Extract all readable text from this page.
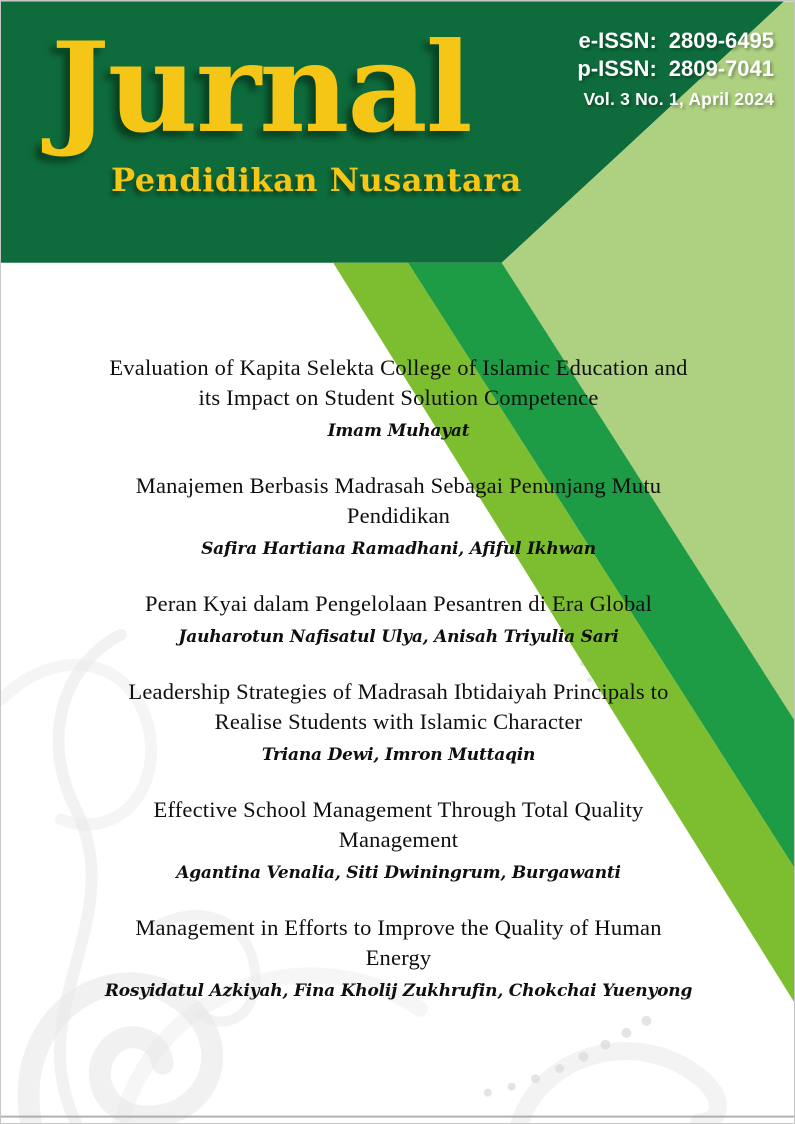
Jurnal
Pendidikan Nusantara
e-ISSN: 2809-6495
p-ISSN: 2809-7041
Vol. 3 No. 1, April 2024
Evaluation of Kapita Selekta College of Islamic Education and
its Impact on Student Solution Competence
Imam Muhayat
Manajemen Berbasis Madrasah Sebagai Penunjang Mutu
Pendidikan
Safira Hartiana Ramadhani, Afiful Ikhwan
Peran Kyai dalam Pengelolaan Pesantren di Era Global
Jauharotun Nafisatul Ulya, Anisah Triyulia Sari
Leadership Strategies of Madrasah Ibtidaiyah Principals to
Realise Students with Islamic Character
Triana Dewi, Imron Muttaqin
Effective School Management Through Total Quality
Management
Agantina Venalia, Siti Dwiningrum, Burgawanti
Management in Efforts to Improve the Quality of Human
Energy
Rosyidatul Azkiyah, Fina Kholij Zukhrufin, Chokchai Yuenyong
